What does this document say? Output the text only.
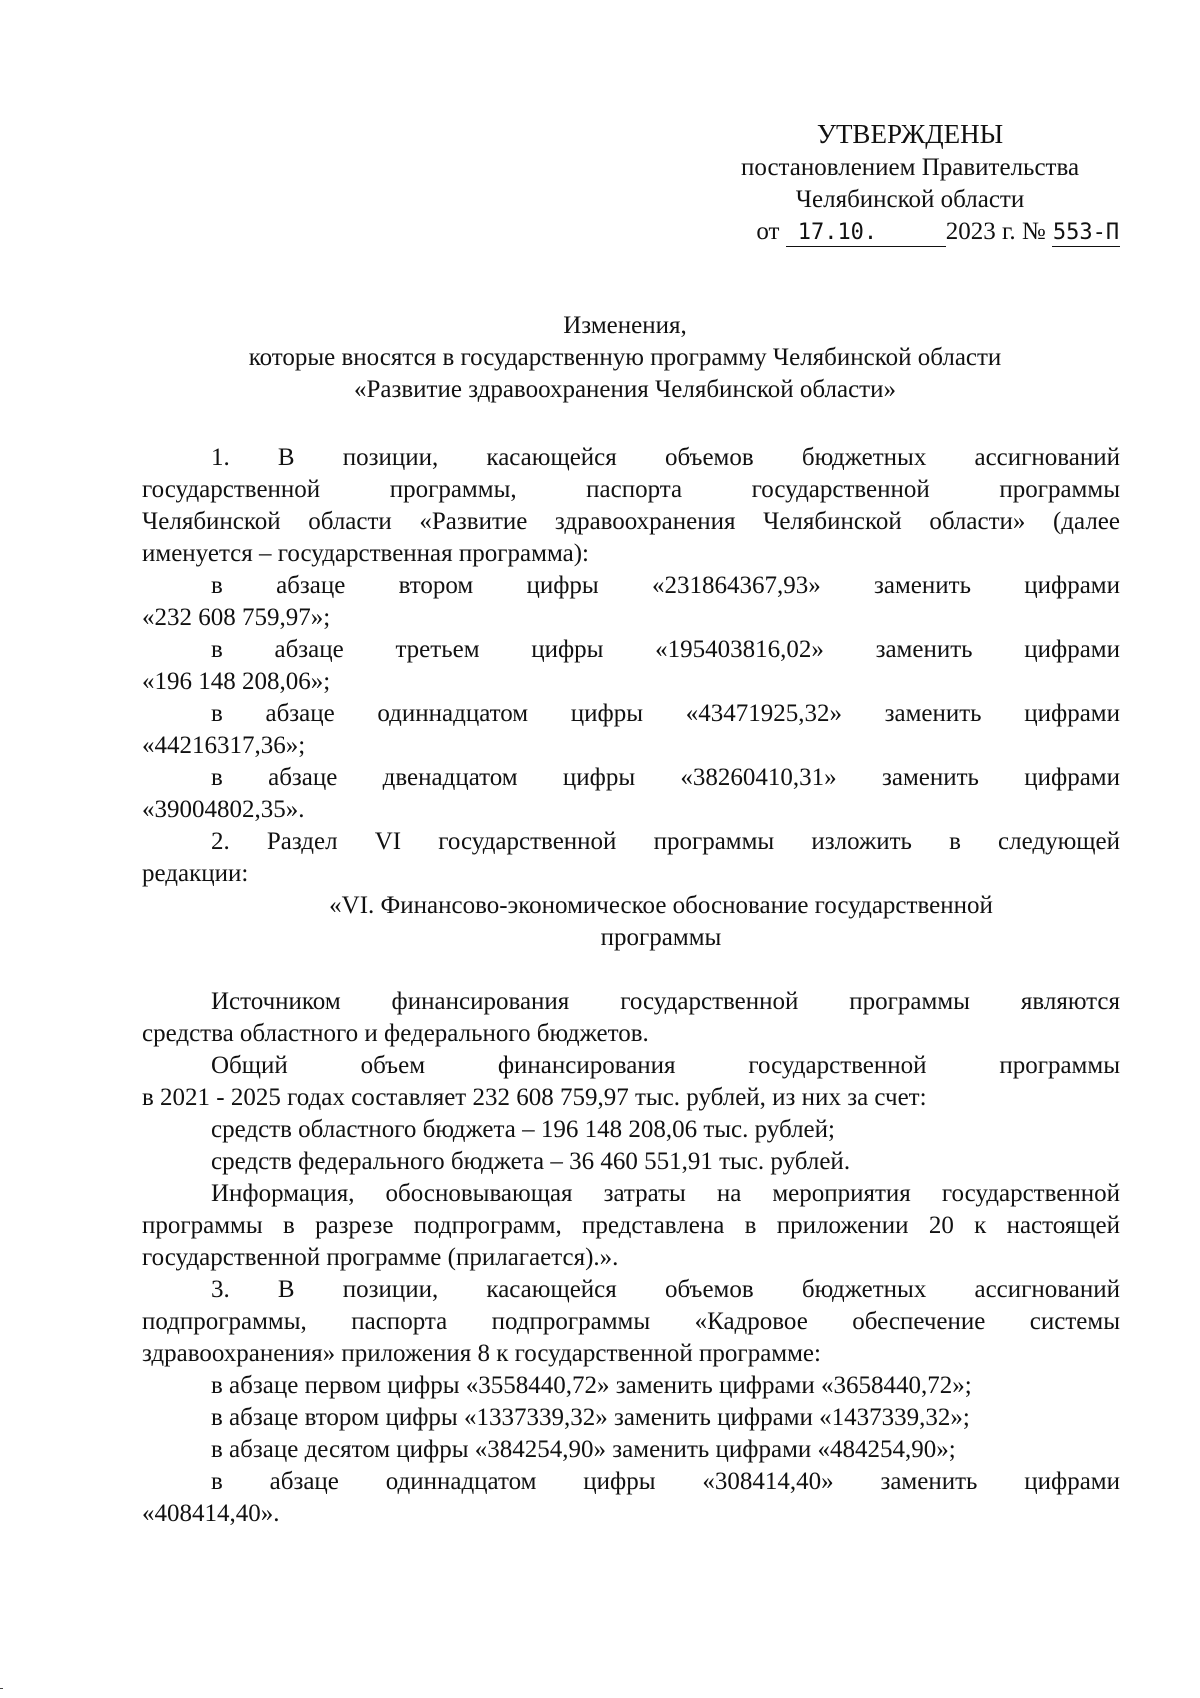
УТВЕРЖДЕНЫ
постановлением Правительства
Челябинской области
от 17.10.	2023 г. № 553-П
Изменения,
которые вносятся в государственную программу Челябинской области
«Развитие здравоохранения Челябинской области»

1. В позиции, касающейся объемов бюджетных ассигнований

государственной программы, паспорта государственной программы

Челябинской области «Развитие здравоохранения Челябинской области» (далее

именуется – государственная программа):

в абзаце втором цифры «231864367,93» заменить цифрами

«232 608 759,97»;

в абзаце третьем цифры «195403816,02» заменить цифрами

«196 148 208,06»;

в абзаце одиннадцатом цифры «43471925,32» заменить цифрами

«44216317,36»;

в абзаце двенадцатом цифры «38260410,31» заменить цифрами

«39004802,35».

2. Раздел VI государственной программы изложить в следующей

редакции:

«VI. Финансово-экономическое обоснование государственной

программы

Источником финансирования государственной программы являются

средства областного и федерального бюджетов.

Общий объем финансирования государственной программы

в 2021 - 2025 годах составляет 232 608 759,97 тыс. рублей, из них за счет:

средств областного бюджета – 196 148 208,06 тыс. рублей;

средств федерального бюджета – 36 460 551,91 тыс. рублей.

Информация, обосновывающая затраты на мероприятия государственной

программы в разрезе подпрограмм, представлена в приложении 20 к настоящей

государственной программе (прилагается).».

3. В позиции, касающейся объемов бюджетных ассигнований

подпрограммы, паспорта подпрограммы «Кадровое обеспечение системы

здравоохранения» приложения 8 к государственной программе:

в абзаце первом цифры «3558440,72» заменить цифрами «3658440,72»;

в абзаце втором цифры «1337339,32» заменить цифрами «1437339,32»;

в абзаце десятом цифры «384254,90» заменить цифрами «484254,90»;

в абзаце одиннадцатом цифры «308414,40» заменить цифрами

«408414,40».
